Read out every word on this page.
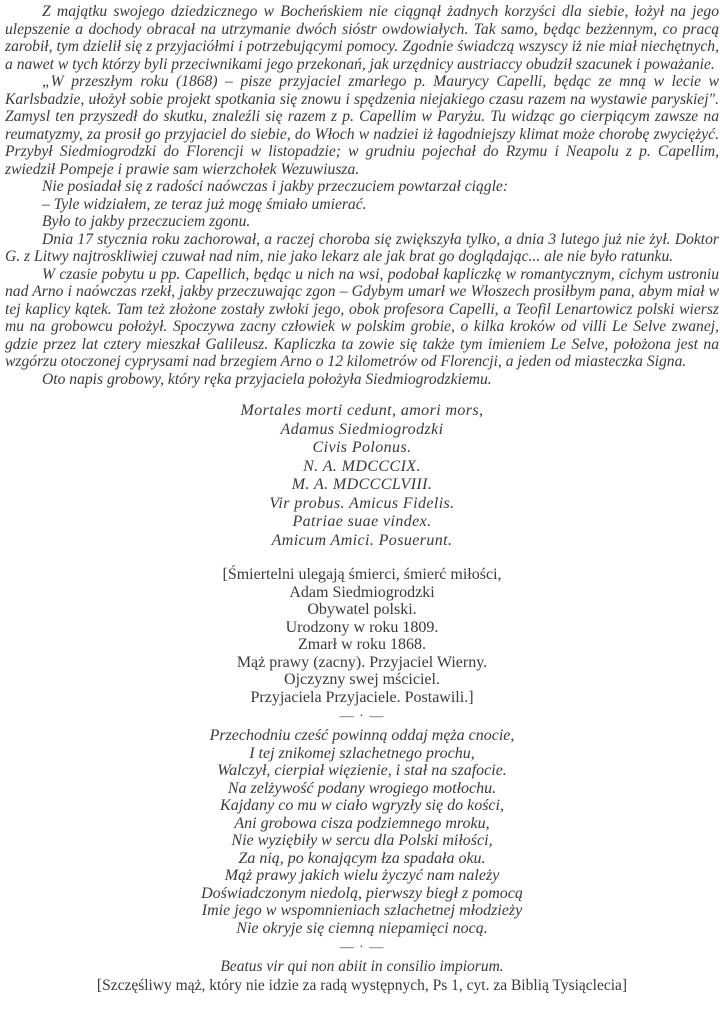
Z majątku swojego dziedzicznego w Bocheńskiem nie ciągnął żadnych korzyści dla siebie, łożył na jego ulepszenie a dochody obracał na utrzymanie dwóch sióstr owdowiałych. Tak samo, będąc bezżennym, co pracą zarobił, tym dzielił się z przyjaciółmi i potrzebującymi pomocy. Zgodnie świadczą wszyscy iż nie miał niechętnych, a nawet w tych którzy byli przeciwnikami jego przekonań, jak urzędnicy austriaccy obudził szacunek i poważanie.

„W przeszłym roku (1868) – pisze przyjaciel zmarłego p. Maurycy Capelli, będąc ze mną w lecie w Karlsbadzie, ułożył sobie projekt spotkania się znowu i spędzenia niejakiego czasu razem na wystawie paryskiej". Zamysl ten przyszedł do skutku, znaleźli się razem z p. Capellim w Paryżu. Tu widząc go cierpiącym zawsze na reumatyzmy, za prosił go przyjaciel do siebie, do Włoch w nadziei iż łagodniejszy klimat może chorobę zwyciężyć. Przybył Siedmiogrodzki do Florencji w listopadzie; w grudniu pojechał do Rzymu i Neapolu z p. Capellim, zwiedził Pompeje i prawie sam wierzchołek Wezuwiusza.

Nie posiadał się z radości naówczas i jakby przeczuciem powtarzał ciągle:

– Tyle widziałem, ze teraz już mogę śmiało umierać.

Było to jakby przeczuciem zgonu.

Dnia 17 stycznia roku zachorował, a raczej choroba się zwiększyła tylko, a dnia 3 lutego już nie żył. Doktor G. z Litwy najtroskliwiej czuwał nad nim, nie jako lekarz ale jak brat go doglądając... ale nie było ratunku.

W czasie pobytu u pp. Capellich, będąc u nich na wsi, podobał kapliczkę w romantycznym, cichym ustroniu nad Arno i naówczas rzekł, jakby przeczuwając zgon – Gdybym umarł we Włoszech prosiłbym pana, abym miał w tej kaplicy kątek. Tam też złożone zostały zwłoki jego, obok profesora Capelli, a Teofil Lenartowicz polski wiersz mu na grobowcu położył. Spoczywa zacny człowiek w polskim grobie, o kilka kroków od villi Le Selve zwanej, gdzie przez lat cztery mieszkał Galileusz. Kapliczka ta zowie się także tym imieniem Le Selve, położona jest na wzgórzu otoczonej cyprysami nad brzegiem Arno o 12 kilometrów od Florencji, a jeden od miasteczka Signa.

Oto napis grobowy, który ręka przyjaciela położyła Siedmiogrodzkiemu.

Mortales morti cedunt, amori mors,
Adamus Siedmiogrodzki
Civis Polonus.
N. A. MDCCCIX.
M. A. MDCCCLVIII.
Vir probus. Amicus Fidelis.
Patriae suae vindex.
Amicum Amici. Posuerunt.
[Śmiertelni ulegają śmierci, śmierć miłości,
Adam Siedmiogrodzki
Obywatel polski.
Urodzony w roku 1809.
Zmarł w roku 1868.
Mąż prawy (zacny). Przyjaciel Wierny.
Ojczyzny swej mściciel.
Przyjaciela Przyjaciele. Postawili.]
— · —
Przechodniu cześć powinną oddaj męża cnocie,
I tej znikomej szlachetnego prochu,
Walczył, cierpiał więzienie, i stał na szafocie.
Na zelżywość podany wrogiego motłochu.
Kajdany co mu w ciało wgryzły się do kości,
Ani grobowa cisza podziemnego mroku,
Nie wyziębiły w sercu dla Polski miłości,
Za nią, po konającym łza spadała oku.
Mąż prawy jakich wielu życzyć nam należy
Doświadczonym niedolą, pierwszy biegł z pomocą
Imie jego w wspomnieniach szlachetnej młodzieży
Nie okryje się ciemną niepamięci nocą.
— · —
Beatus vir qui non abiit in consilio impiorum.
[Szczęśliwy mąż, który nie idzie za radą występnych, Ps 1, cyt. za Biblią Tysiąclecia]
